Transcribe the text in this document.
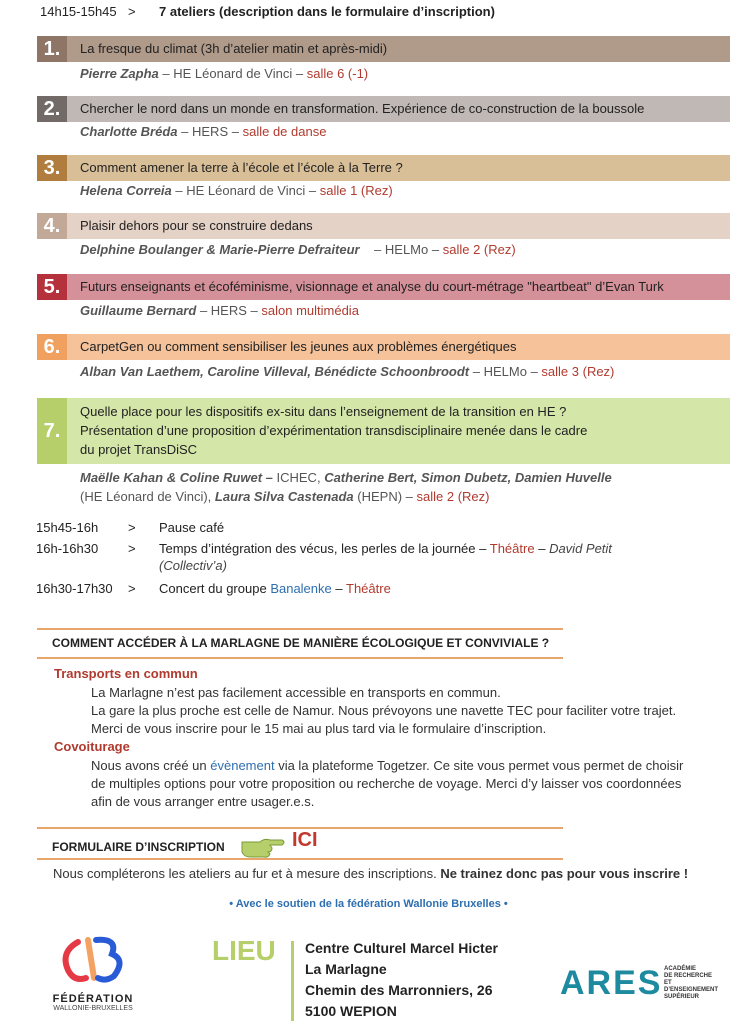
14h15-15h45 > 7 ateliers (description dans le formulaire d’inscription)
1.	La fresque du climat (3h d’atelier matin et après-midi)
Pierre Zapha – HE Léonard de Vinci – salle 6 (-1)
2.	Chercher le nord dans un monde en transformation. Expérience de co-construction de la boussole
Charlotte Bréda – HERS – salle de danse
3.	Comment amener la terre à l’école et l’école à la Terre ?
Helena Correia – HE Léonard de Vinci – salle 1 (Rez)
4.	Plaisir dehors pour se construire dedans
Delphine Boulanger & Marie-Pierre Defraiteur    – HELMo – salle 2 (Rez)
5.	Futurs enseignants et écoféminisme, visionnage et analyse du court-métrage "heartbeat" d’Evan Turk
Guillaume Bernard – HERS – salon multimédia
6.	CarpetGen ou comment sensibiliser les jeunes aux problèmes énergétiques
Alban Van Laethem, Caroline Villeval, Bénédicte Schoonbroodt – HELMo – salle 3 (Rez)
7.
Quelle place pour les dispositifs ex-situ dans l’enseignement de la transition en HE ?
Présentation d’une proposition d’expérimentation transdisciplinaire menée dans le cadre
du projet TransDiSC
Maëlle Kahan & Coline Ruwet – ICHEC, Catherine Bert, Simon Dubetz, Damien Huvelle
(HE Léonard de Vinci), Laura Silva Castenada (HEPN) – salle 2 (Rez)
15h45-16h > Pause café
16h-16h30 > Temps d’intégration des vécus, les perles de la journée – Théâtre – David Petit
(Collectiv’a)
16h30-17h30 > Concert du groupe Banalenke – Théâtre
COMMENT ACCÉDER À LA MARLAGNE DE MANIÈRE ÉCOLOGIQUE ET CONVIVIALE ?
Transports en commun
La Marlagne n’est pas facilement accessible en transports en commun.
La gare la plus proche est celle de Namur. Nous prévoyons une navette TEC pour faciliter votre trajet.
Merci de vous inscrire pour le 15 mai au plus tard via le formulaire d’inscription.
Covoiturage
Nous avons créé un évènement via la plateforme Togetzer. Ce site vous permet vous permet de choisir
de multiples options pour votre proposition ou recherche de voyage. Merci d’y laisser vos coordonnées
afin de vous arranger entre usager.e.s.
FORMULAIRE D’INSCRIPTION	ICI
Nous compléterons les ateliers au fur et à mesure des inscriptions. Ne trainez donc pas pour vous inscrire !
• Avec le soutien de la fédération Wallonie Bruxelles •
FÉDÉRATION
WALLONIE-BRUXELLES
LIEU Centre Culturel Marcel Hicter
La Marlagne
Chemin des Marronniers, 26
5100 WEPION
ARES ACADÉMIE
DE RECHERCHE ET
D’ENSEIGNEMENT
SUPÉRIEUR
